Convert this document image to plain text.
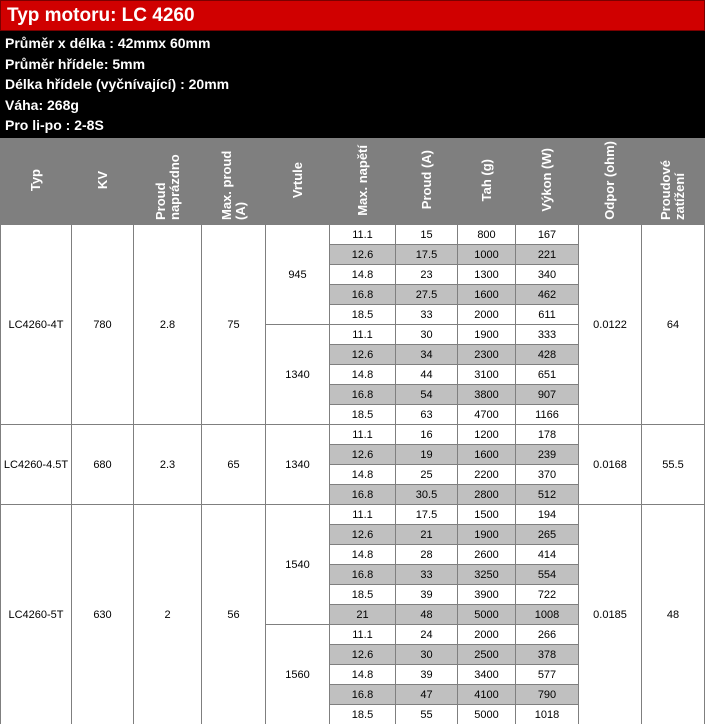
Typ motoru: LC 4260
Průměr x délka : 42mmx 60mm
Průměr hřídele: 5mm
Délka hřídele (vyčnívající) : 20mm
Váha: 268g
Pro li-po : 2-8S
Typ	KV	Proud naprázdno	Max. proud (A)	Vrtule	Max. napětí	Proud (A)	Tah (g)	Výkon (W)	Odpor (ohm)	Proudové zatížení
LC4260-4T	780	2.8	75	945	11.1	15	800	167	0.0122	64
					12.6	17.5	1000	221		
					14.8	23	1300	340		
					16.8	27.5	1600	462		
					18.5	33	2000	611		
				1340	11.1	30	1900	333		
					12.6	34	2300	428		
					14.8	44	3100	651		
					16.8	54	3800	907		
					18.5	63	4700	1166		
LC4260-4.5T	680	2.3	65	1340	11.1	16	1200	178	0.0168	55.5
					12.6	19	1600	239		
					14.8	25	2200	370		
					16.8	30.5	2800	512		
LC4260-5T	630	2	56	1540	11.1	17.5	1500	194	0.0185	48
					12.6	21	1900	265		
					14.8	28	2600	414		
					16.8	33	3250	554		
					18.5	39	3900	722		
					21	48	5000	1008		
				1560	11.1	24	2000	266		
					12.6	30	2500	378		
					14.8	39	3400	577		
					16.8	47	4100	790		
					18.5	55	5000	1018		
